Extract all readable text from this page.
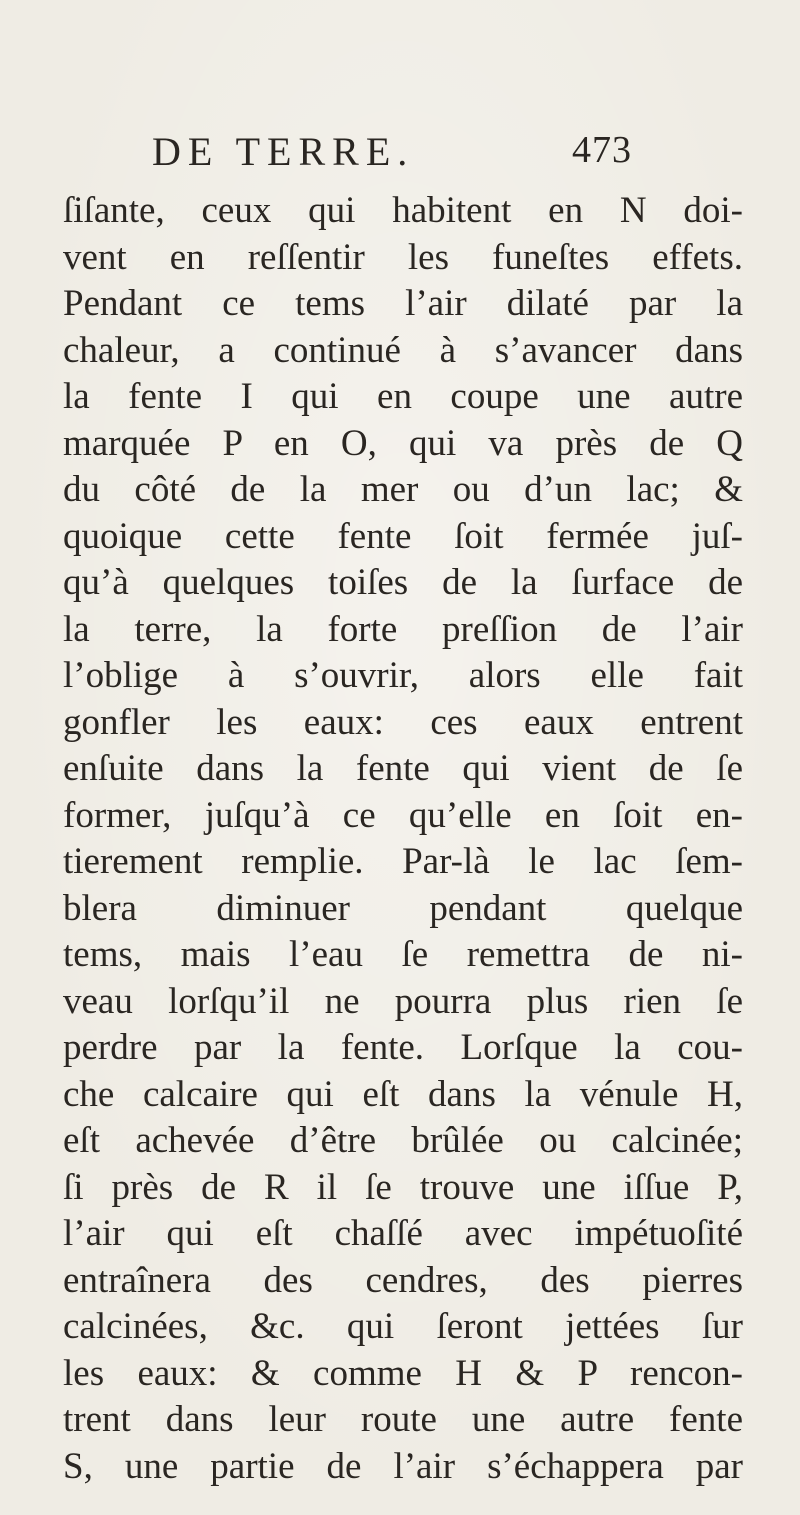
DE TERRE.	473
ſiſante, ceux qui habitent en N doi-
vent en reſſentir les funeſtes effets.
Pendant ce tems l’air dilaté par la
chaleur, a continué à s’avancer dans
la fente I qui en coupe une autre
marquée P en O, qui va près de Q
du côté de la mer ou d’un lac; &
quoique cette fente ſoit fermée juſ-
qu’à quelques toiſes de la ſurface de
la terre, la forte preſſion de l’air
l’oblige à s’ouvrir, alors elle fait
gonfler les eaux: ces eaux entrent
enſuite dans la fente qui vient de ſe
former, juſqu’à ce qu’elle en ſoit en-
tierement remplie. Par-là le lac ſem-
blera diminuer pendant quelque
tems, mais l’eau ſe remettra de ni-
veau lorſqu’il ne pourra plus rien ſe
perdre par la fente. Lorſque la cou-
che calcaire qui eſt dans la vénule H,
eſt achevée d’être brûlée ou calcinée;
ſi près de R il ſe trouve une iſſue P,
l’air qui eſt chaſſé avec impétuoſité
entraînera des cendres, des pierres
calcinées, &c. qui ſeront jettées ſur
les eaux: & comme H & P rencon-
trent dans leur route une autre fente
S, une partie de l’air s’échappera par
